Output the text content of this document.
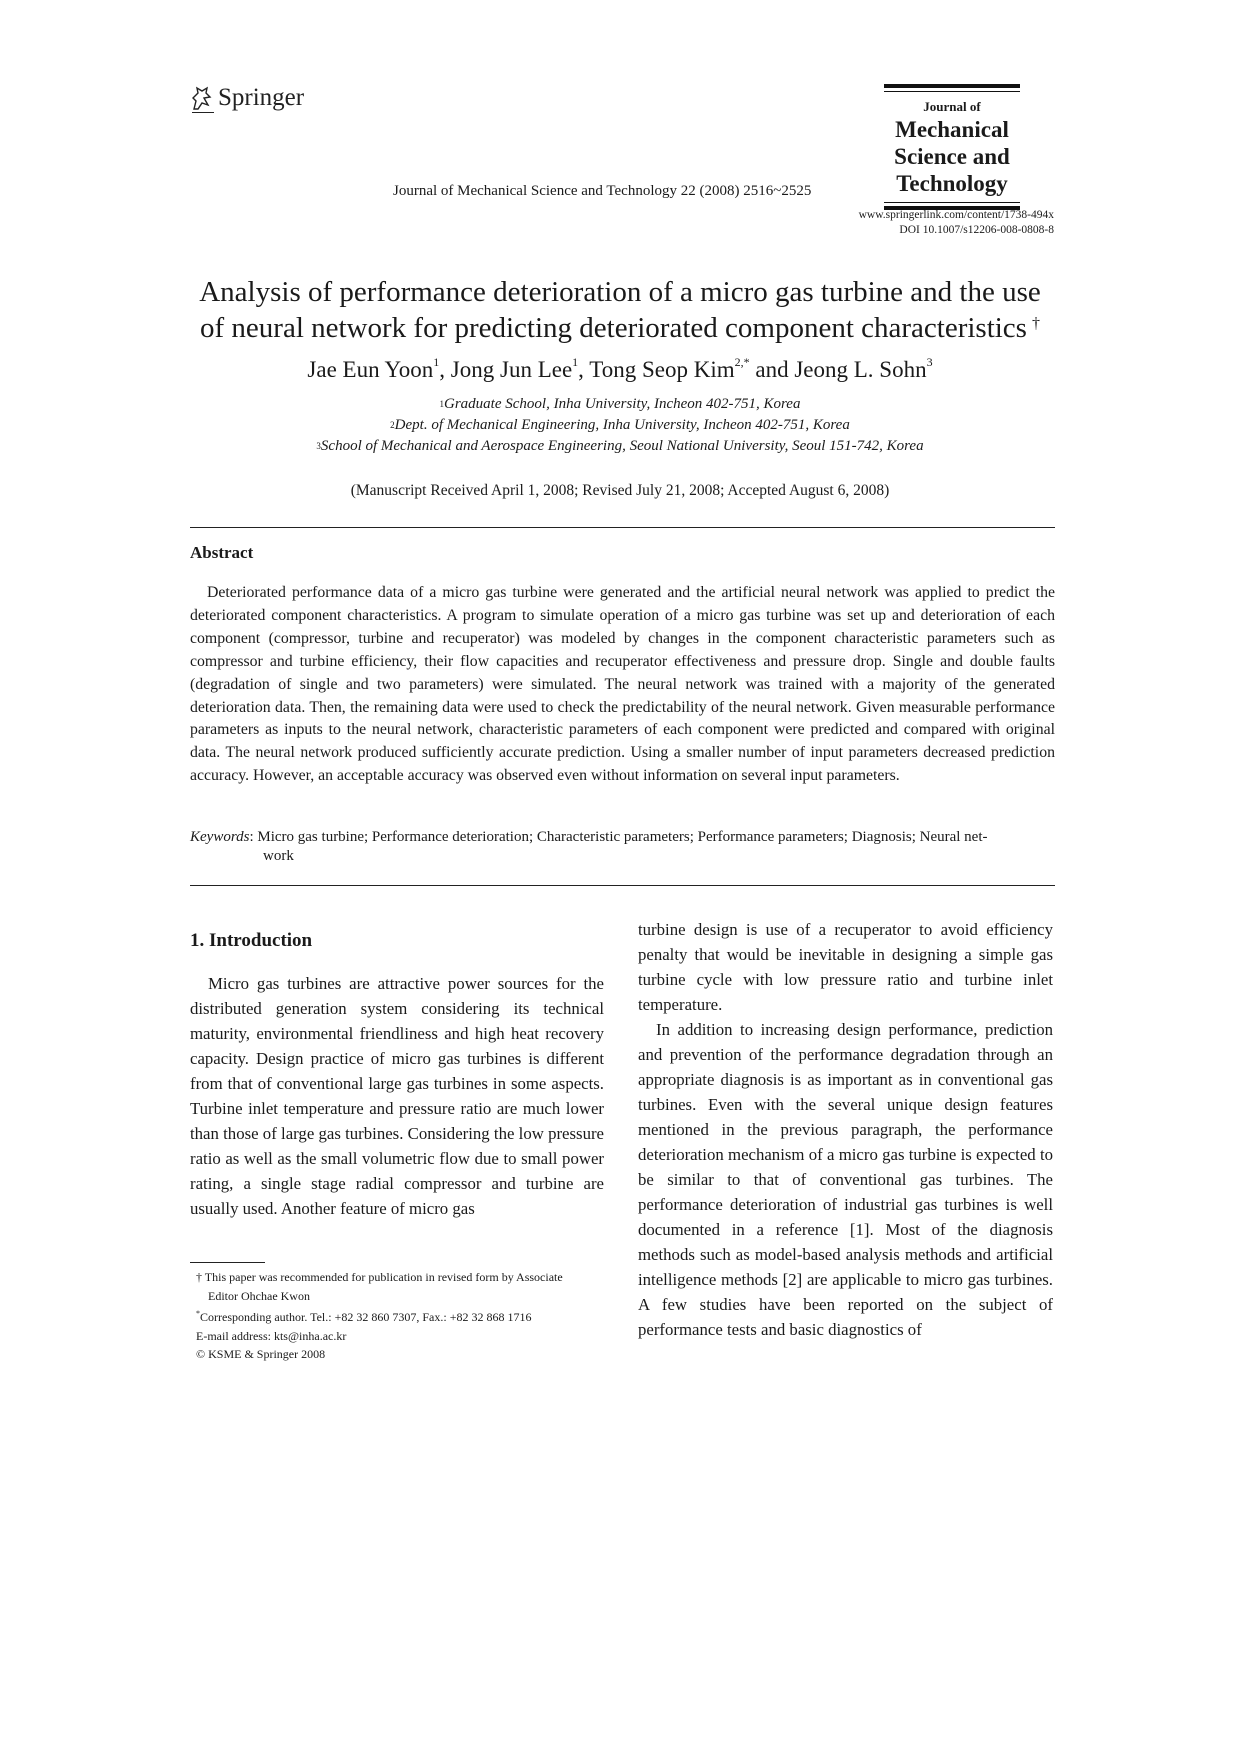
Springer	Journal of
Mechanical
Science and
Technology
Journal of Mechanical Science and Technology 22 (2008) 2516~2525
www.springerlink.com/content/1738-494x
DOI 10.1007/s12206-008-0808-8
Analysis of performance deterioration of a micro gas turbine and the use
of neural network for predicting deteriorated component characteristics †
Jae Eun Yoon$^1$, Jong Jun Lee$^1$, Tong Seop Kim$^{2,*}$ and Jeong L. Sohn$^3$
$^1$Graduate School, Inha University, Incheon 402-751, Korea
$^2$Dept. of Mechanical Engineering, Inha University, Incheon 402-751, Korea
$^3$School of Mechanical and Aerospace Engineering, Seoul National University, Seoul 151-742, Korea
(Manuscript Received April 1, 2008; Revised July 21, 2008; Accepted August 6, 2008)
Abstract
Deteriorated performance data of a micro gas turbine were generated and the artificial neural network was applied to predict the deteriorated component characteristics. A program to simulate operation of a micro gas turbine was set up and deterioration of each component (compressor, turbine and recuperator) was modeled by changes in the component characteristic parameters such as compressor and turbine efficiency, their flow capacities and recuperator effectiveness and pressure drop. Single and double faults (degradation of single and two parameters) were simulated. The neural network was trained with a majority of the generated deterioration data. Then, the remaining data were used to check the predictability of the neural network. Given measurable performance parameters as inputs to the neural network, characteristic parameters of each component were predicted and compared with original data. The neural network produced sufficiently accurate prediction. Using a smaller number of input parameters decreased prediction accuracy. However, an acceptable accuracy was observed even without information on several input parameters.
Keywords: Micro gas turbine; Performance deterioration; Characteristic parameters; Performance parameters; Diagnosis; Neural net-
work
1. Introduction
Micro gas turbines are attractive power sources for the distributed generation system considering its technical maturity, environmental friendliness and high heat recovery capacity. Design practice of micro gas turbines is different from that of conventional large gas turbines in some aspects. Turbine inlet temperature and pressure ratio are much lower than those of large gas turbines. Considering the low pressure ratio as well as the small volumetric flow due to small power rating, a single stage radial compressor and turbine are usually used. Another feature of micro gas

turbine design is use of a recuperator to avoid efficiency penalty that would be inevitable in designing a simple gas turbine cycle with low pressure ratio and turbine inlet temperature.

In addition to increasing design performance, prediction and prevention of the performance degradation through an appropriate diagnosis is as important as in conventional gas turbines. Even with the several unique design features mentioned in the previous paragraph, the performance deterioration mechanism of a micro gas turbine is expected to be similar to that of conventional gas turbines. The performance deterioration of industrial gas turbines is well documented in a reference [1]. Most of the diagnosis methods such as model-based analysis methods and artificial intelligence methods [2] are applicable to micro gas turbines. A few studies have been reported on the subject of performance tests and basic diagnostics of

† This paper was recommended for publication in revised form by Associate
Editor Ohchae Kwon
*Corresponding author. Tel.: +82 32 860 7307, Fax.: +82 32 868 1716
E-mail address: kts@inha.ac.kr
© KSME & Springer 2008
